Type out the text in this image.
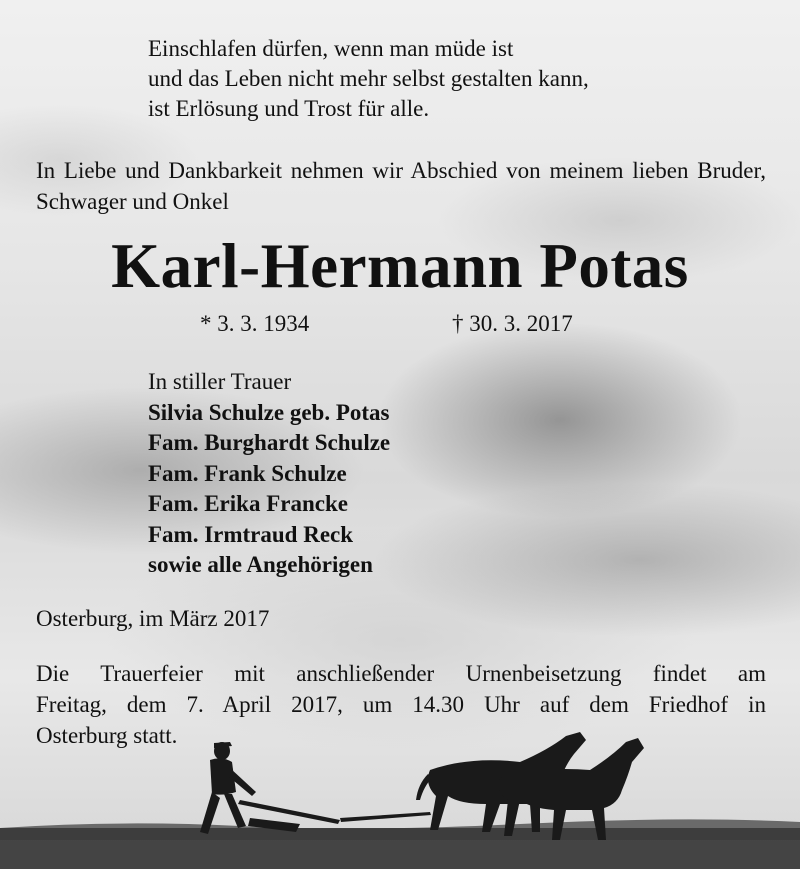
Einschlafen dürfen, wenn man müde ist
und das Leben nicht mehr selbst gestalten kann,
ist Erlösung und Trost für alle.
In Liebe und Dankbarkeit nehmen wir Abschied von meinem lieben Bruder, Schwager und Onkel
Karl-Hermann Potas
* 3. 3. 1934	† 30. 3. 2017
In stiller Trauer
Silvia Schulze geb. Potas
Fam. Burghardt Schulze
Fam. Frank Schulze
Fam. Erika Francke
Fam. Irmtraud Reck
sowie alle Angehörigen
Osterburg, im März 2017
Die Trauerfeier mit anschließender Urnenbeisetzung findet am
Freitag, dem 7. April 2017, um 14.30 Uhr auf dem Friedhof in
Osterburg statt.
